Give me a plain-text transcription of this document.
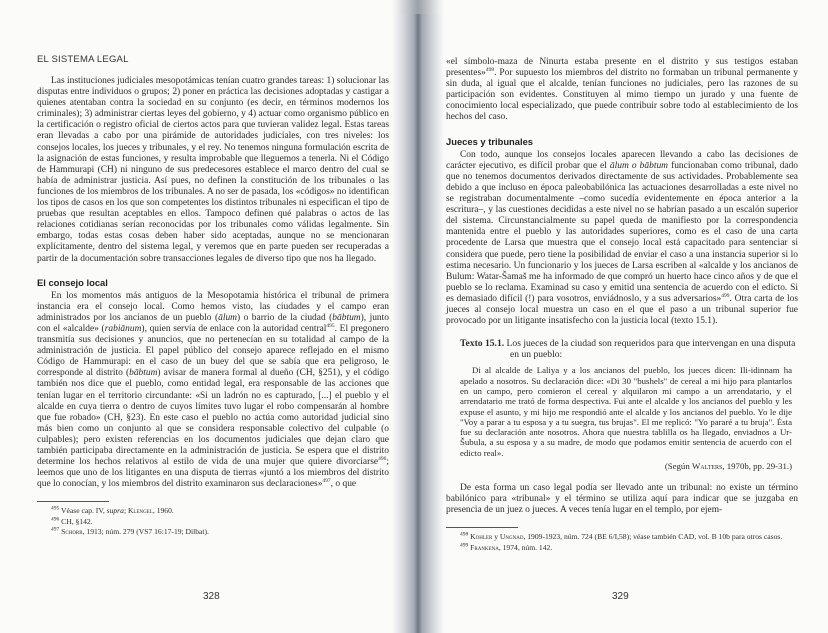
EL SISTEMA LEGAL

Las instituciones judiciales mesopotámicas tenían cuatro grandes tareas: 1) solucionar las disputas entre individuos o grupos; 2) poner en práctica las decisiones adoptadas y castigar a quienes atentaban contra la sociedad en su conjunto (es decir, en términos modernos los criminales); 3) administrar ciertas leyes del gobierno, y 4) actuar como organismo público en la certificación o registro oficial de ciertos actos para que tuvieran validez legal. Estas tareas eran llevadas a cabo por una pirámide de autoridades judiciales, con tres niveles: los consejos locales, los jueces y tribunales, y el rey. No tenemos ninguna formulación escrita de la asignación de estas funciones, y resulta improbable que lleguemos a tenerla. Ni el Código de Hammurapi (CH) ni ninguno de sus predecesores establece el marco dentro del cual se había de administrar justicia. Así pues, no definen la constitución de los tribunales o las funciones de los miembros de los tribunales. A no ser de pasada, los «códigos» no identifican los tipos de casos en los que son competentes los distintos tribunales ni especifican el tipo de pruebas que resultan aceptables en ellos. Tampoco definen qué palabras o actos de las relaciones cotidianas serían reconocidas por los tribunales como válidas legalmente. Sin embargo, todas estas cosas deben haber sido aceptadas, aunque no se mencionaran explícitamente, dentro del sistema legal, y veremos que en parte pueden ser recuperadas a partir de la documentación sobre transacciones legales de diverso tipo que nos ha llegado.

El consejo local

En los momentos más antiguos de la Mesopotamia histórica el tribunal de primera instancia era el consejo local. Como hemos visto, las ciudades y el campo eran administrados por los ancianos de un pueblo (ālum) o barrio de la ciudad (bābtum), junto con el «alcalde» (rabiānum), quien servía de enlace con la autoridad central$^{495}$. El pregonero transmitía sus decisiones y anuncios, que no pertenecían en su totalidad al campo de la administración de justicia. El papel público del consejo aparece reflejado en el mismo Código de Hammurapi: en el caso de un buey del que se sabía que era peligroso, le corresponde al distrito (bābtum) avisar de manera formal al dueño (CH, §251), y el código también nos dice que el pueblo, como entidad legal, era responsable de las acciones que tenían lugar en el territorio circundante: «Si un ladrón no es capturado, [...] el pueblo y el alcalde en cuya tierra o dentro de cuyos límites tuvo lugar el robo compensarán al hombre que fue robado» (CH, §23). En este caso el pueblo no actúa como autoridad judicial sino más bien como un conjunto al que se considera responsable colectivo del culpable (o culpables); pero existen referencias en los documentos judiciales que dejan claro que también participaba directamente en la administración de justicia. Se espera que el distrito determine los hechos relativos al estilo de vida de una mujer que quiere divorciarse$^{496}$; leemos que uno de los litigantes en una disputa de tierras «juntó a los miembros del distrito que lo conocían, y los miembros del distrito examinaron sus declaraciones»$^{497}$, o que

$^{495}$ Véase cap. IV, supra; Klengel, 1960.
$^{496}$ CH, §142.
$^{497}$ Schorr, 1913; núm. 279 (VS7 16:17-19; Dilbat).
328

«el símbolo-maza de Ninurta estaba presente en el distrito y sus testigos estaban presentes»$^{498}$. Por supuesto los miembros del distrito no formaban un tribunal permanente y sin duda, al igual que el alcalde, tenían funciones no judiciales, pero las razones de su participación son evidentes. Constituyen al mimo tiempo un jurado y una fuente de conocimiento local especializado, que puede contribuir sobre todo al establecimiento de los hechos del caso.

Jueces y tribunales

Con todo, aunque los consejos locales aparecen llevando a cabo las decisiones de carácter ejecutivo, es difícil probar que el ālum o bābtum funcionaban como tribunal, dado que no tenemos documentos derivados directamente de sus actividades. Probablemente sea debido a que incluso en época paleobabilónica las actuaciones desarrolladas a este nivel no se registraban documentalmente –como sucedía evidentemente en época anterior a la escritura–, y las cuestiones decididas a este nivel no se habrían pasado a un escalón superior del sistema. Circunstancialmente su papel queda de manifiesto por la correspondencia mantenida entre el pueblo y las autoridades superiores, como es el caso de una carta procedente de Larsa que muestra que el consejo local está capacitado para sentenciar si considera que puede, pero tiene la posibilidad de enviar el caso a una instancia superior si lo estima necesario. Un funcionario y los jueces de Larsa escriben al «alcalde y los ancianos de Bulum: Watar-Šamaš me ha informado de que compró un huerto hace cinco años y de que el pueblo se lo reclama. Examinad su caso y emitid una sentencia de acuerdo con el edicto. Si es demasiado difícil (!) para vosotros, enviádnoslo, y a sus adversarios»$^{499}$. Otra carta de los jueces al consejo local muestra un caso en el que el paso a un tribunal superior fue provocado por un litigante insatisfecho con la justicia local (texto 15.1).

Texto 15.1. Los jueces de la ciudad son requeridos para que intervengan en una disputa en un pueblo:

Di al alcalde de Laliya y a los ancianos del pueblo, los jueces dicen: Ili-idinnam ha apelado a nosotros. Su declaración dice: «Di 30 "bushels" de cereal a mi hijo para plantarlos en un campo, pero comieron el cereal y alquilaron mi campo a un arrendatario, y el arrendatario me trató de forma despectiva. Fui ante el alcalde y los ancianos del pueblo y les expuse el asunto, y mi hijo me respondió ante el alcalde y los ancianos del pueblo. Yo le dije "Voy a parar a tu esposa y a tu suegra, tus brujas". El me replicó: "Yo pararé a tu bruja". Ésta fue su declaración ante nosotros. Ahora que nuestra tablilla os ha llegado, enviadnos a Ur-Šubula, a su esposa y a su madre, de modo que podamos emitir sentencia de acuerdo con el edicto real».

(Según Walters, 1970b, pp. 29-31.)

De esta forma un caso legal podía ser llevado ante un tribunal: no existe un término babilónico para «tribunal» y el término se utiliza aquí para indicar que se juzgaba en presencia de un juez o jueces. A veces tenía lugar en el templo, por ejem-

$^{498}$ Kohler y Ungnad, 1909-1923, núm. 724 (BE 6/I,58); véase también CAD, vol. B 10b para otros casos.
$^{499}$ Frankena, 1974, núm. 142.
329
